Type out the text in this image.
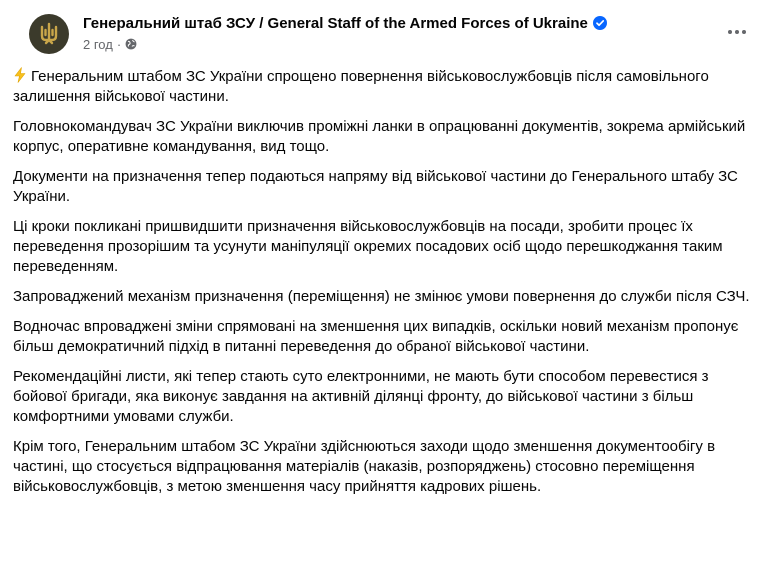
Генеральний штаб ЗСУ / General Staff of the Armed Forces of Ukraine
2 год ·

Генеральним штабом ЗС України спрощено повернення військовослужбовців після самовільного залишення військової частини.

Головнокомандувач ЗС України виключив проміжні ланки в опрацюванні документів, зокрема армійський корпус, оперативне командування, вид тощо.

Документи на призначення тепер подаються напряму від військової частини до Генерального штабу ЗС України.

Ці кроки покликані пришвидшити призначення військовослужбовців на посади, зробити процес їх переведення прозорішим та усунути маніпуляції окремих посадових осіб щодо перешкоджання таким переведенням.

Запроваджений механізм призначення (переміщення) не змінює умови повернення до служби після СЗЧ.

Водночас впроваджені зміни спрямовані на зменшення цих випадків, оскільки новий механізм пропонує більш демократичний підхід в питанні переведення до обраної військової частини.

Рекомендаційні листи, які тепер стають суто електронними, не мають бути способом перевестися з бойової бригади, яка виконує завдання на активній ділянці фронту, до військової частини з більш комфортними умовами служби.

Крім того, Генеральним штабом ЗС України здійснюються заходи щодо зменшення документообігу в частині, що стосується відпрацювання матеріалів (наказів, розпоряджень) стосовно переміщення військовослужбовців, з метою зменшення часу прийняття кадрових рішень.
